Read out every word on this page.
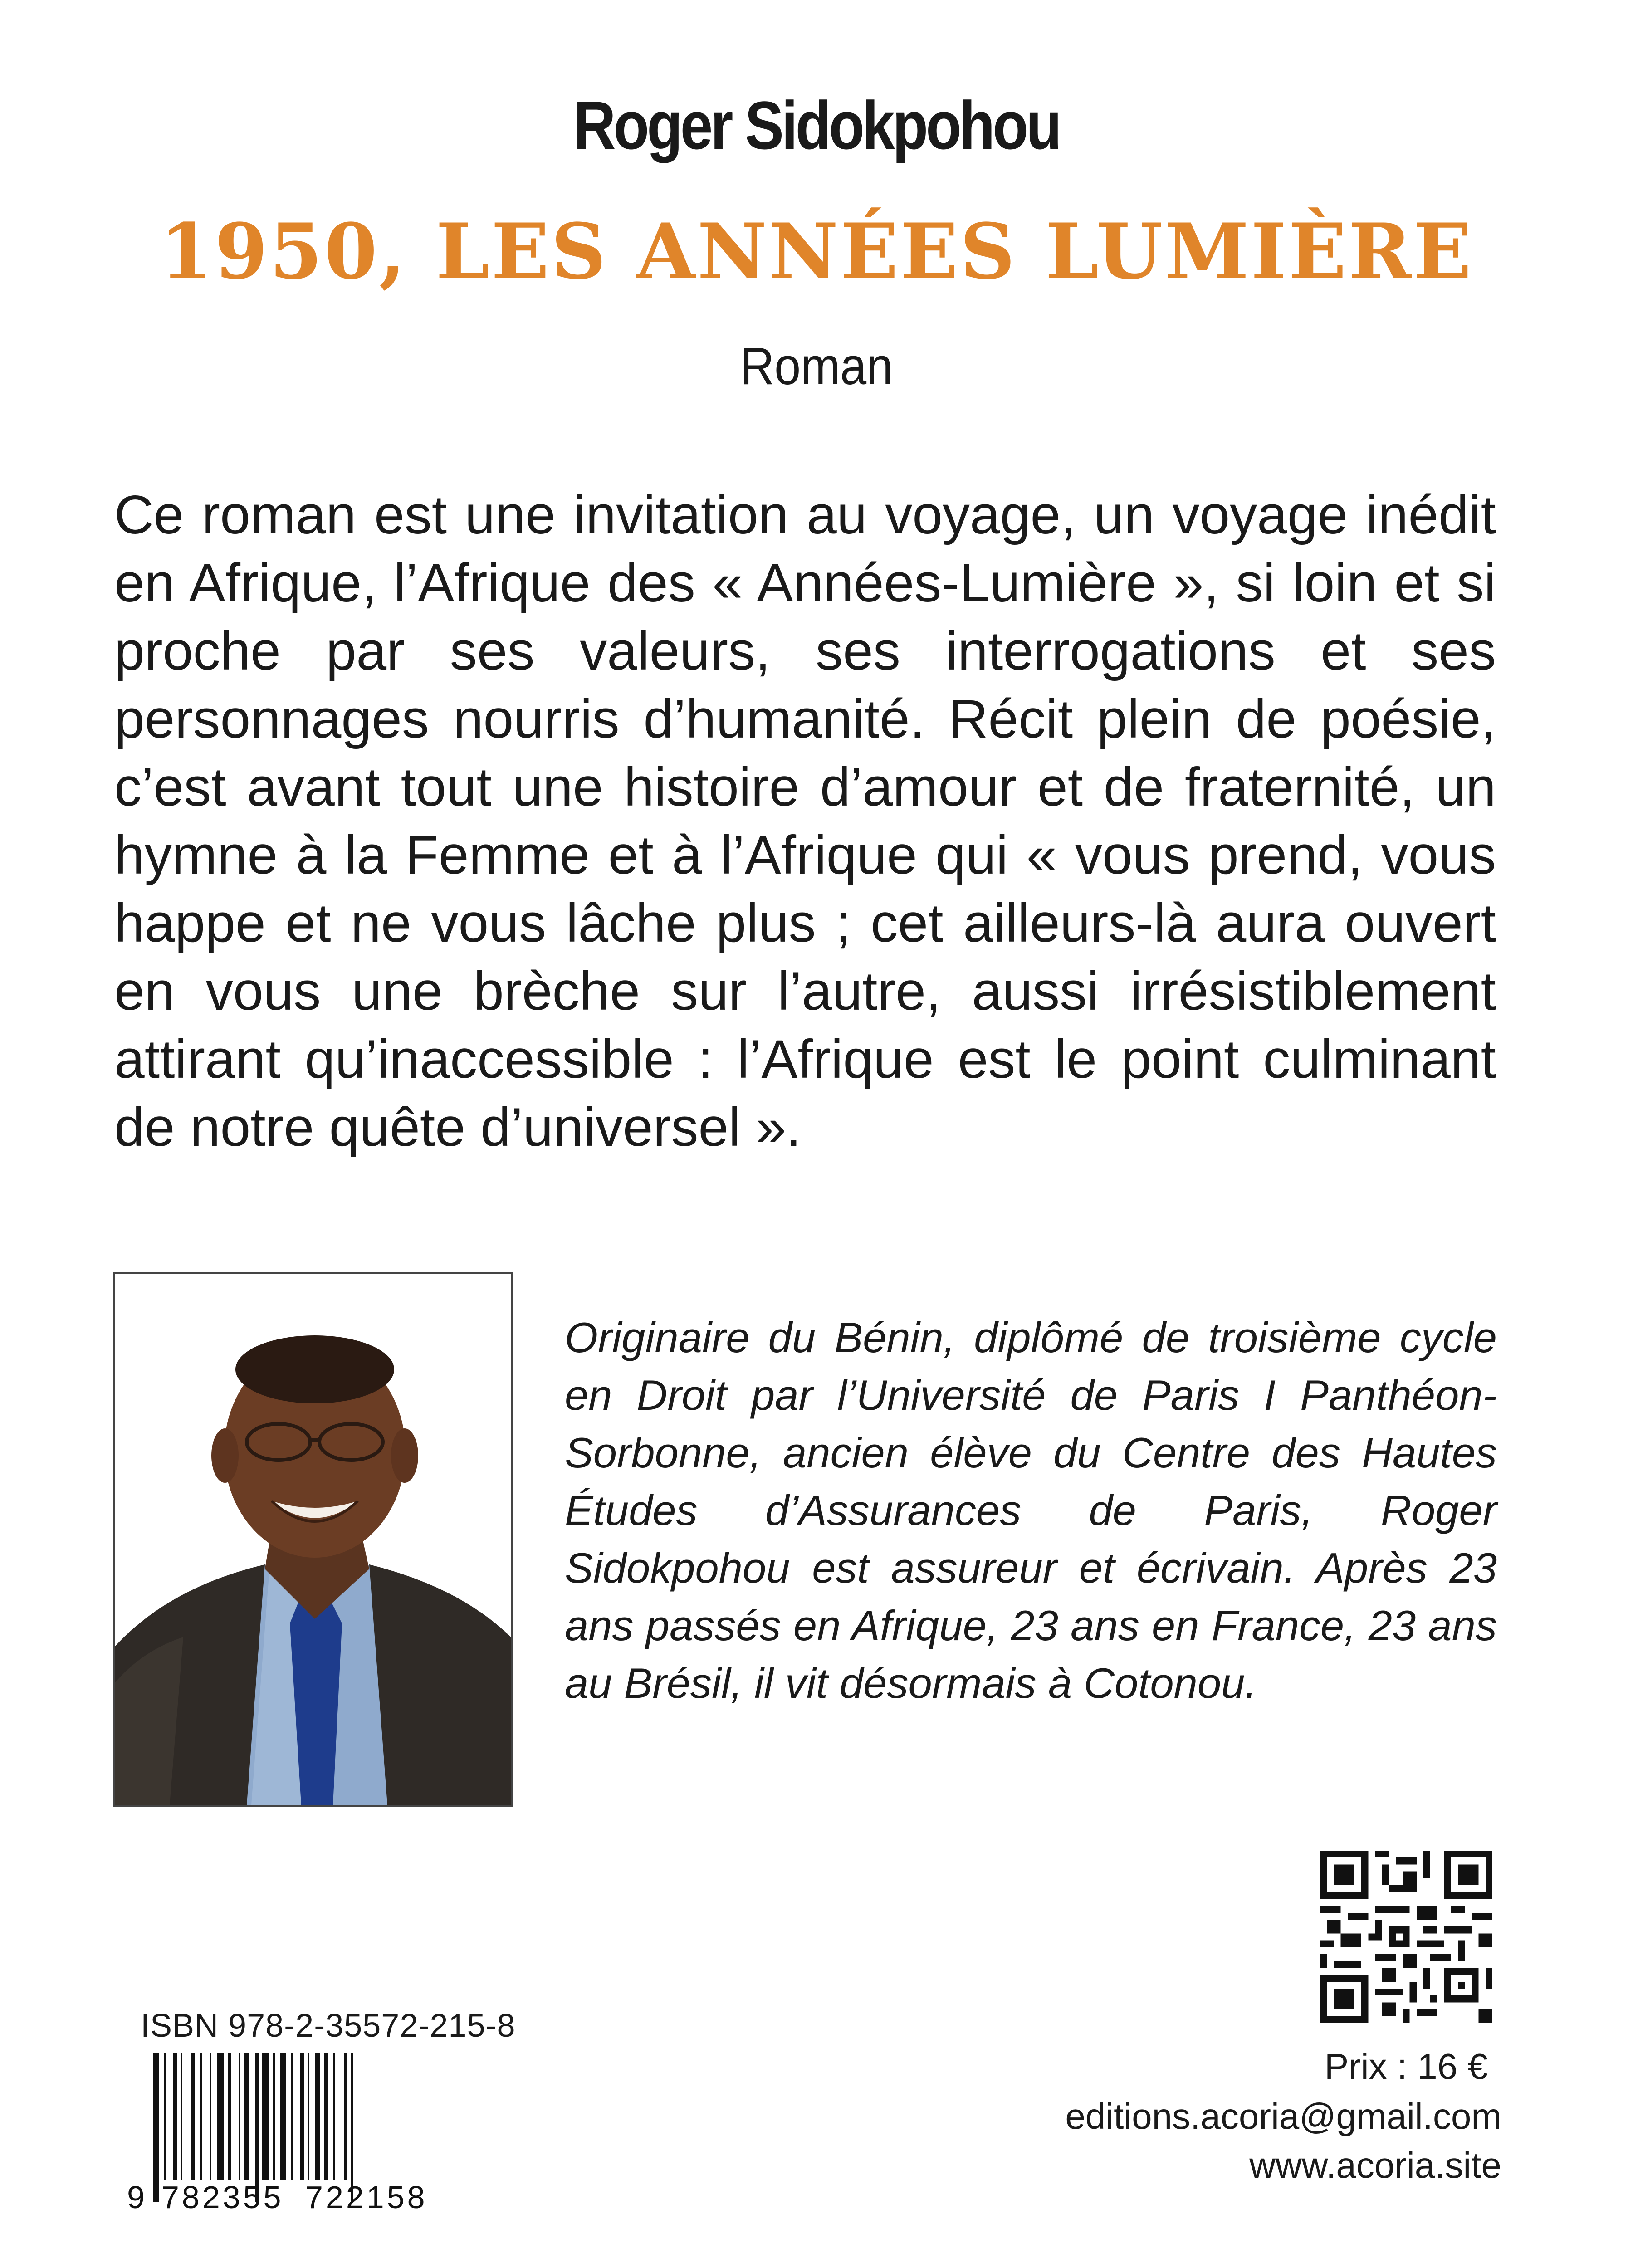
Roger Sidokpohou
1950, LES ANNÉES LUMIÈRE
Roman
Ce roman est une invitation au voyage, un voyage inédit en Afrique, l’Afrique des « Années-Lumière », si loin et si proche par ses valeurs, ses interrogations et ses personnages nourris d’humanité. Récit plein de poésie, c’est avant tout une histoire d’amour et de fraternité, un hymne à la Femme et à l’Afrique qui « vous prend, vous happe et ne vous lâche plus ; cet ailleurs-là aura ouvert en vous une brèche sur l’autre, aussi irrésistiblement attirant qu’inaccessible : l’Afrique est le point culminant de notre quête d’universel ».
Originaire du Bénin, diplômé de troisième cycle en Droit par l’Université de Paris I Panthéon-Sorbonne, ancien élève du Centre des Hautes Études d’Assurances de Paris, Roger Sidokpohou est assureur et écrivain. Après 23 ans passés en Afrique, 23 ans en France, 23 ans au Brésil, il vit désormais à Cotonou.
ISBN 978-2-35572-215-8
9 782355 722158
Prix : 16 €
editions.acoria@gmail.com
www.acoria.site
